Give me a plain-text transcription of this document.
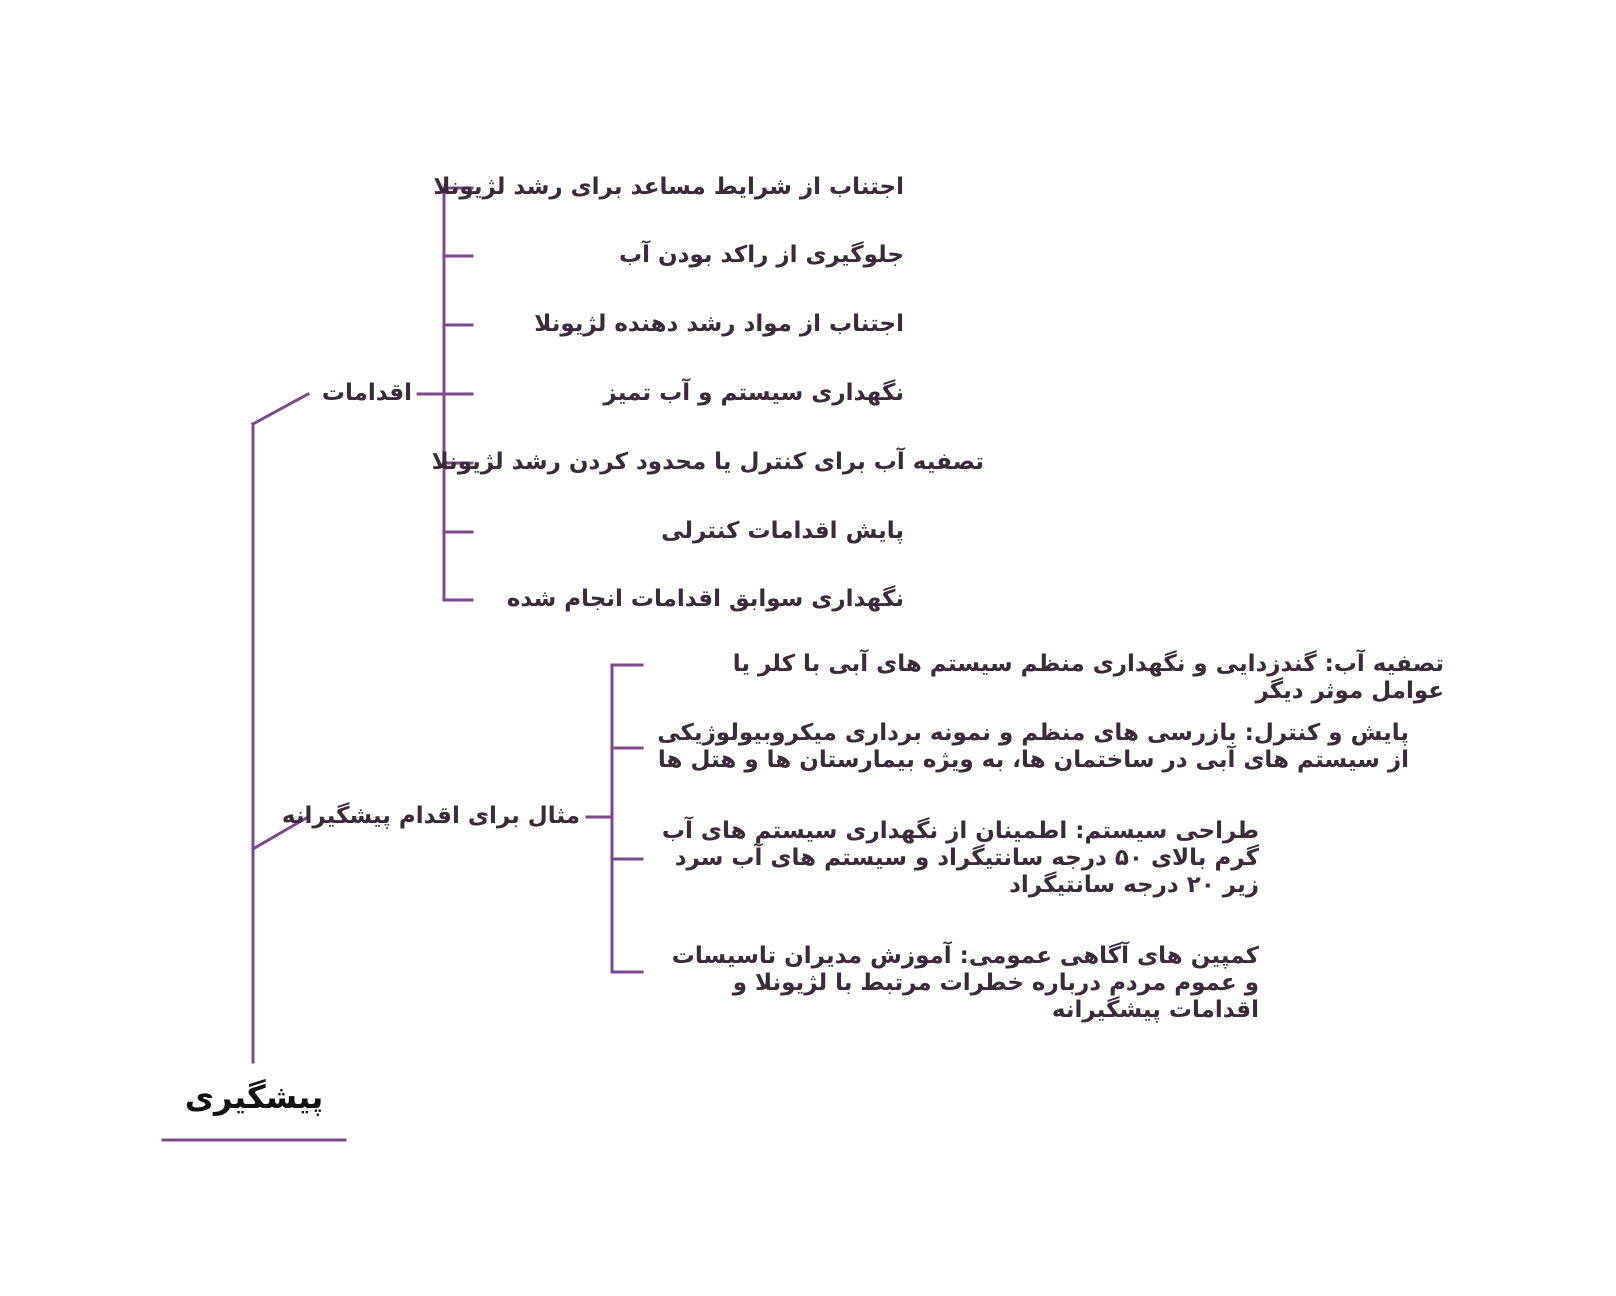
پیشگیری
اقدامات
مثال برای اقدام پیشگیرانه
اجتناب از شرایط مساعد برای رشد لژیونلا
جلوگیری از راکد بودن آب
اجتناب از مواد رشد دهنده لژیونلا
نگهداری سیستم و آب تمیز
تصفیه آب برای کنترل یا محدود کردن رشد لژیونلا
پایش اقدامات کنترلی
نگهداری سوابق اقدامات انجام شده
تصفیه آب: گندزدایی و نگهداری منظم سیستم های آبی با کلر یا عوامل موثر دیگر
پایش و کنترل: بازرسی های منظم و نمونه برداری میکروبیولوژیکی از سیستم های آبی در ساختمان ها، به ویژه بیمارستان ها و هتل ها
طراحی سیستم: اطمینان از نگهداری سیستم های آب گرم بالای ۵۰ درجه سانتیگراد و سیستم های آب سرد زیر ۲۰ درجه سانتیگراد
کمپین های آگاهی عمومی: آموزش مدیران تاسیسات و عموم مردم درباره خطرات مرتبط با لژیونلا و اقدامات پیشگیرانه
